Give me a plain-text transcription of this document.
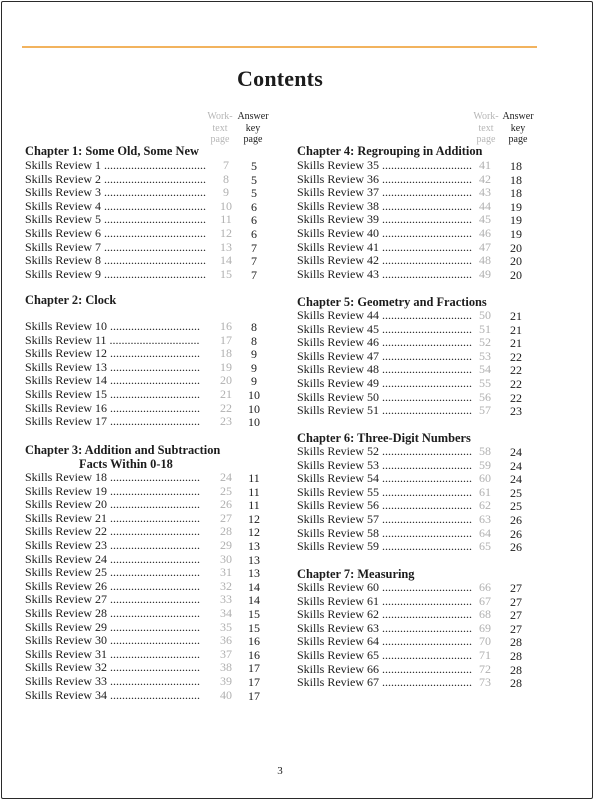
Contents
Work-
text
page
Answer
key
page
Work-
text
page
Answer
key
page
Chapter 1: Some Old, Some New
Skills Review 1 ..................................	7	5
Skills Review 2 ..................................	8	5
Skills Review 3 ..................................	9	5
Skills Review 4 ..................................	10	6
Skills Review 5 ..................................	11	6
Skills Review 6 ..................................	12	6
Skills Review 7 ..................................	13	7
Skills Review 8 ..................................	14	7
Skills Review 9 ..................................	15	7
Chapter 2: Clock
Skills Review 10 ..............................	16	8
Skills Review 11 ..............................	17	8
Skills Review 12 ..............................	18	9
Skills Review 13 ..............................	19	9
Skills Review 14 ..............................	20	9
Skills Review 15 ..............................	21	10
Skills Review 16 ..............................	22	10
Skills Review 17 ..............................	23	10
Chapter 3: Addition and Subtraction
Facts Within 0-18
Skills Review 18 ..............................	24	11
Skills Review 19 ..............................	25	11
Skills Review 20 ..............................	26	11
Skills Review 21 ..............................	27	12
Skills Review 22 ..............................	28	12
Skills Review 23 ..............................	29	13
Skills Review 24 ..............................	30	13
Skills Review 25 ..............................	31	13
Skills Review 26 ..............................	32	14
Skills Review 27 ..............................	33	14
Skills Review 28 ..............................	34	15
Skills Review 29 ..............................	35	15
Skills Review 30 ..............................	36	16
Skills Review 31 ..............................	37	16
Skills Review 32 ..............................	38	17
Skills Review 33 ..............................	39	17
Skills Review 34 ..............................	40	17
Chapter 4: Regrouping in Addition
Skills Review 35 .............................. 41	18
Skills Review 36 .............................. 42	18
Skills Review 37 .............................. 43	18
Skills Review 38 .............................. 44	19
Skills Review 39 .............................. 45	19
Skills Review 40 .............................. 46	19
Skills Review 41 .............................. 47	20
Skills Review 42 .............................. 48	20
Skills Review 43 .............................. 49	20
Chapter 5: Geometry and Fractions
Skills Review 44 .............................. 50	21
Skills Review 45 .............................. 51	21
Skills Review 46 .............................. 52	21
Skills Review 47 .............................. 53	22
Skills Review 48 .............................. 54	22
Skills Review 49 .............................. 55	22
Skills Review 50 .............................. 56	22
Skills Review 51 .............................. 57	23
Chapter 6: Three-Digit Numbers
Skills Review 52 .............................. 58	24
Skills Review 53 .............................. 59	24
Skills Review 54 .............................. 60	24
Skills Review 55 .............................. 61	25
Skills Review 56 .............................. 62	25
Skills Review 57 .............................. 63	26
Skills Review 58 .............................. 64	26
Skills Review 59 .............................. 65	26
Chapter 7: Measuring
Skills Review 60 .............................. 66	27
Skills Review 61 .............................. 67	27
Skills Review 62 .............................. 68	27
Skills Review 63 .............................. 69	27
Skills Review 64 .............................. 70	28
Skills Review 65 .............................. 71	28
Skills Review 66 .............................. 72	28
Skills Review 67 .............................. 73	28
3
